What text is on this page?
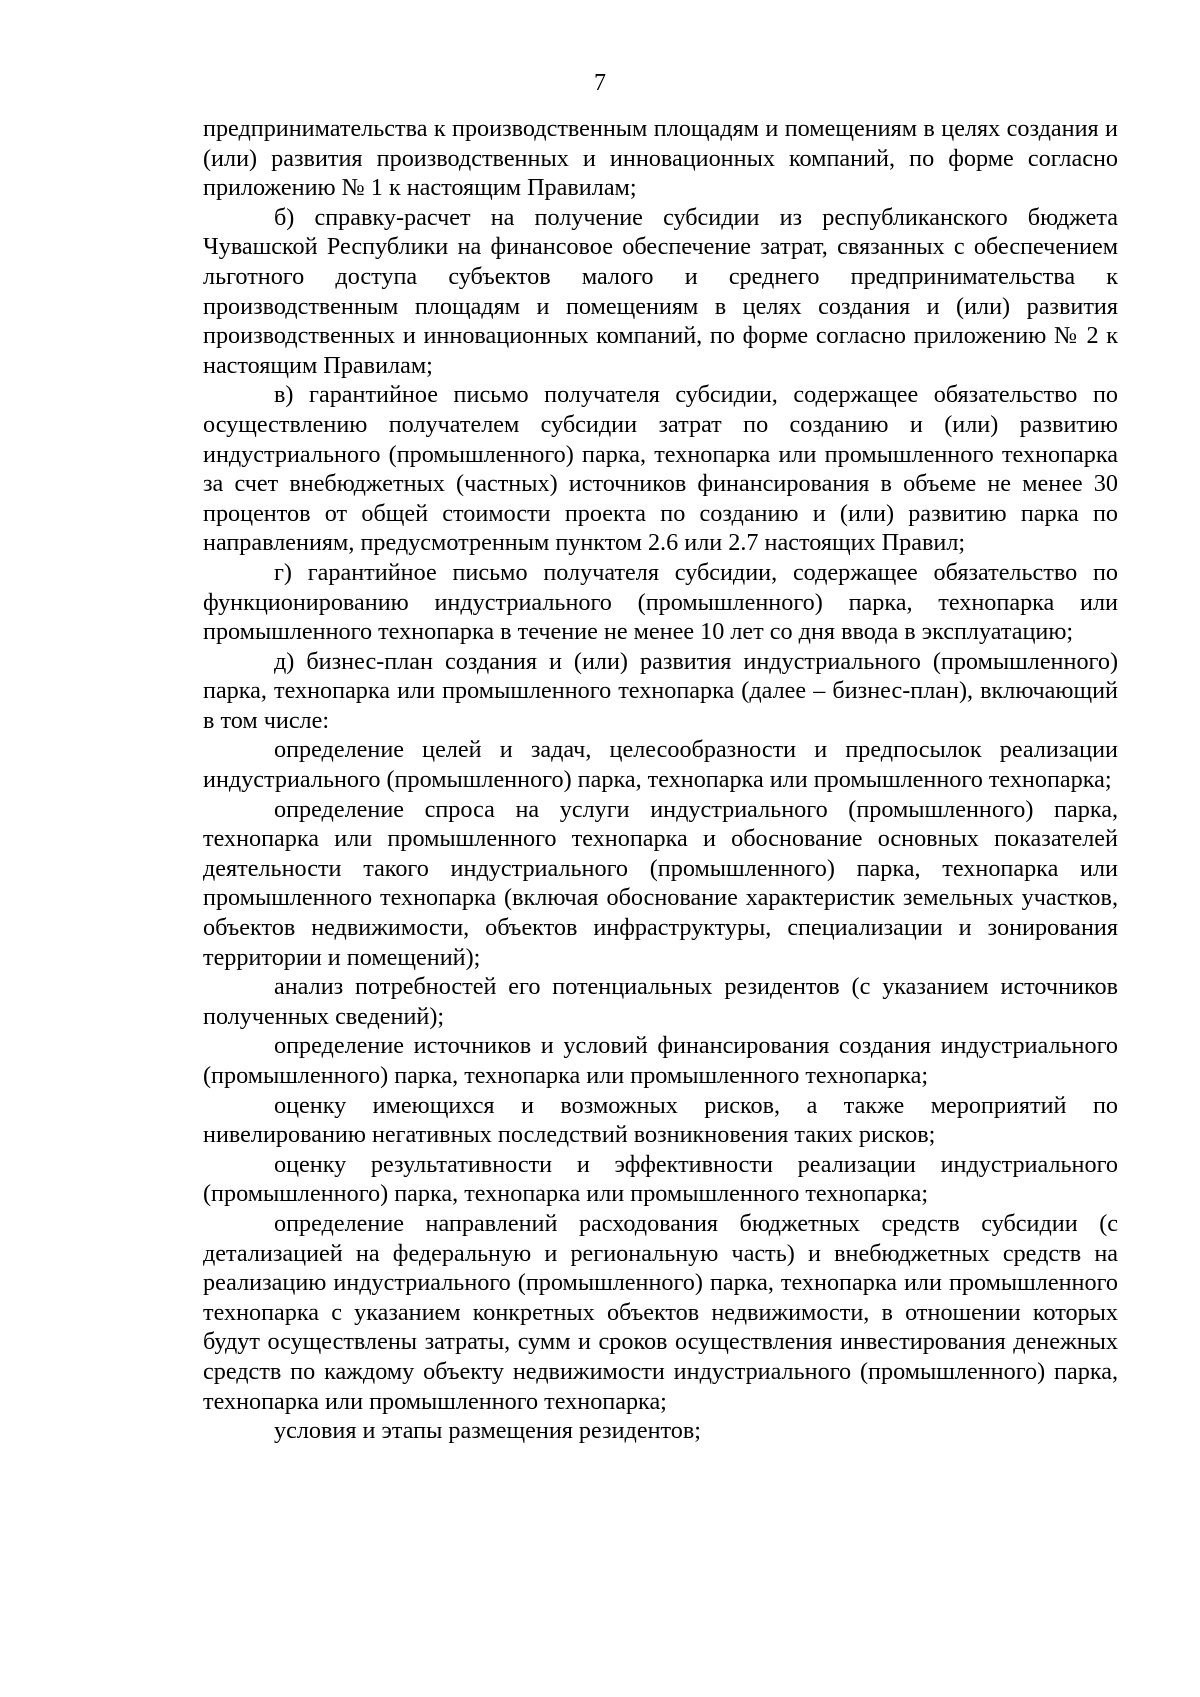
7

предпринимательства к производственным площадям и помещениям в целях создания и (или) развития производственных и инновационных компаний, по форме согласно приложению № 1 к настоящим Правилам;

б) справку-расчет на получение субсидии из республиканского бюджета Чувашской Республики на финансовое обеспечение затрат, связанных с обеспечением льготного доступа субъектов малого и среднего предпринимательства к производственным площадям и помещениям в целях создания и (или) развития производственных и инновационных компаний, по форме согласно приложению № 2 к настоящим Правилам;

в) гарантийное письмо получателя субсидии, содержащее обязательство по осуществлению получателем субсидии затрат по созданию и (или) развитию индустриального (промышленного) парка, технопарка или промышленного технопарка за счет внебюджетных (частных) источников финансирования в объеме не менее 30 процентов от общей стоимости проекта по созданию и (или) развитию парка по направлениям, предусмотренным пунктом 2.6 или 2.7 настоящих Правил;

г) гарантийное письмо получателя субсидии, содержащее обязательство по функционированию индустриального (промышленного) парка, технопарка или промышленного технопарка в течение не менее 10 лет со дня ввода в эксплуатацию;

д) бизнес-план создания и (или) развития индустриального (промышленного) парка, технопарка или промышленного технопарка (далее – бизнес-план), включающий в том числе:

определение целей и задач, целесообразности и предпосылок реализации индустриального (промышленного) парка, технопарка или промышленного технопарка;

определение спроса на услуги индустриального (промышленного) парка, технопарка или промышленного технопарка и обоснование основных показателей деятельности такого индустриального (промышленного) парка, технопарка или промышленного технопарка (включая обоснование характеристик земельных участков, объектов недвижимости, объектов инфраструктуры, специализации и зонирования территории и помещений);

анализ потребностей его потенциальных резидентов (с указанием источников полученных сведений);

определение источников и условий финансирования создания индустриального (промышленного) парка, технопарка или промышленного технопарка;

оценку имеющихся и возможных рисков, а также мероприятий по нивелированию негативных последствий возникновения таких рисков;

оценку результативности и эффективности реализации индустриального (промышленного) парка, технопарка или промышленного технопарка;

определение направлений расходования бюджетных средств субсидии (с детализацией на федеральную и региональную часть) и внебюджетных средств на реализацию индустриального (промышленного) парка, технопарка или промышленного технопарка с указанием конкретных объектов недвижимости, в отношении которых будут осуществлены затраты, сумм и сроков осуществления инвестирования денежных средств по каждому объекту недвижимости индустриального (промышленного) парка, технопарка или промышленного технопарка;

условия и этапы размещения резидентов;
